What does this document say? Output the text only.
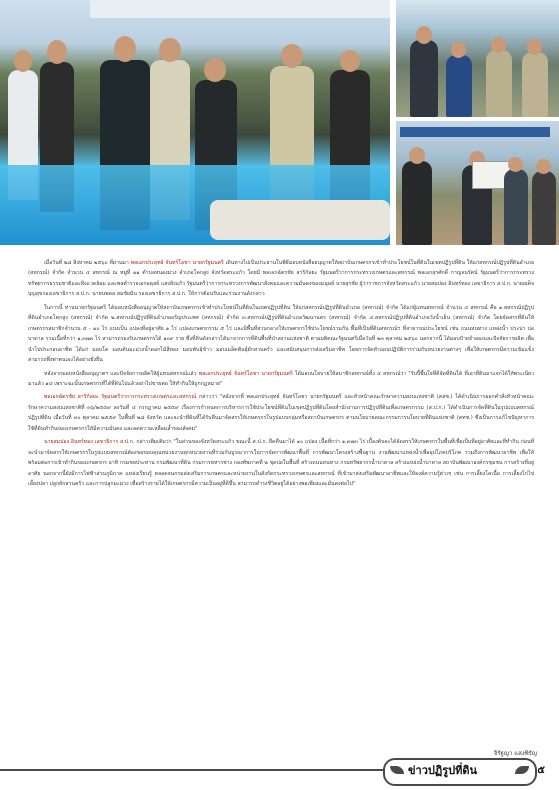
เมื่อวันที่ ๒๘ สิงหาคม ๒๕๖๐ ที่ผ่านมา พลเอกประยุทธ์ จันทร์โอชา นายกรัฐมนตรี เดินทางไปเป็นประธานในพิธีมอบหนังสืออนุญาตให้สถาบันเกษตรกรเข้าทำประโยชน์ในที่ดินในเขตปฏิรูปที่ดิน ให้แก่สหกรณ์ปฏิรูปที่ดินอำเภอ (สหกรณ์) จำกัด จำนวน ๔ สหกรณ์ ณ หมู่ที่ ๑๑ ตำบลหนองม่วง อำเภอโคกสูง จังหวัดสระแก้ว โดยมี พลเอกฉัตรชัย สาริกัลยะ รัฐมนตรีว่าการกระทรวงเกษตรและสหกรณ์ พลเอกสุรศักดิ์ กาญจนรัตน์ รัฐมนตรีว่าการกระทรวงทรัพยากรธรรมชาติและสิ่งแวดล้อม และพลตำรวจเอกอดุลย์ แสงสิงแก้ว รัฐมนตรีว่าการกระทรวงการพัฒนาสังคมและความมั่นคงของมนุษย์ นายสุรชัย ผู้ว่าราชการจังหวัดสระแก้ว นายสมปอง อินทร์ทอง เลขาธิการ ส.ป.ก. นายเผด็จ บุญสุขรองเลขาธิการ ส.ป.ก. นายนพดล สมชัยมิน รองเลขาธิการ ส.ป.ก. ให้การต้อนรับและร่วมงานดังกล่าว

ในการนี้ ท่านนายกรัฐมนตรี ได้มอบหนังสืออนุญาตให้สถาบันเกษตรกรเข้าทำประโยชน์ในที่ดินในเขตปฏิรูปที่ดิน ให้แก่สหกรณ์ปฏิรูปที่ดินอำเภอ (สหกรณ์) จำกัด ได้แก่ผู้แทนสหกรณ์ จำนวน ๔ สหกรณ์ คือ ๑.สหกรณ์ปฏิรูปที่ดินอำเภอโคกสูง (สหกรณ์) จำกัด ๒.สหกรณ์ปฏิรูปที่ดินอำเภออรัญประเทศ (สหกรณ์) จำกัด ๓.สหกรณ์ปฏิรูปที่ดินอำเภอวัฒนานคร (สหกรณ์) จำกัด ๔.สหกรณ์ปฏิรูปที่ดินอำเภอวังน้ำเย็น (สหกรณ์) จำกัด โดยจัดสรรที่ดินให้เกษตรกรสมาชิกจำนวน ๕ - ๑๐ ไร่ แบ่งเป็น แปลงที่อยู่อาศัย ๑ ไร่ แปลงเกษตรกรรม ๕ ไร่ และมีพื้นที่ส่วนกลางให้เกษตรกรใช้ประโยชน์ร่วมกัน พื้นที่เป็นที่ดินสหกรณ์ฯ ที่สาธารณประโยชน์ เช่น ถนนหนทาง แหล่งน้ำ ประปา บ่อบาดาล รวมเนื้อที่กว่า ๑,๓๗๓ ไร่ สามารถรองรับเกษตรกรได้ ๑๐๙ ราย ซึ่งที่ดินดังกล่าวได้มาจากการที่ดินพื้นที่ป่าสงวนแห่งชาติ ตามมติคณะรัฐมนตรีเมื่อวันที่ ๒๓ ตุลาคม ๒๕๖๐ นอกจากนี้ ได้มอบป้ายจำลองและปัจจัยการผลิต เพื่อนำไปประกอบอาชีพ ได้แก่ มอบโค มอบต้นมะม่วงน้ำดอกไม้สีทอง มอบพันธุ์ข้าว มอบเมล็ดพันธุ์ผักสวนครัว และสนับสนุนการส่งเสริมอาชีพ โดยการจัดทำแผนปฏิบัติการร่วมกับหน่วยงานต่างๆ เพื่อให้เกษตรกรมีความเข้มแข็ง สามารถพึ่งพาตนเองได้อย่างยั่งยืน

หลังจากมอบหนังสืออนุญาตฯ และปัจจัยการผลิตให้ผู้แทนสหกรณ์แล้ว พลเอกประยุทธ์ จันทร์โอชา นายกรัฐมนตรี ได้มอบนโยบายให้สมาชิกสหกรณ์ทั้ง ๔ สหกรณ์ว่า "รับปี้พื้นใจที่ดีจัดที่ดินได้ ที่เอาที่ดินมาแจกได้ให้พระเนียวมาแล้ว ๑๔ เพราะฉะนั้นเกษตรกรที่ได้ที่ดินไปแล้วอย่าไปขายต่อ ให้ทำกินให้ถูกกฎหมาย"

พลเอกฉัตรชัย สาริกัลยะ รัฐมนตรีว่าการกระทรวงเกษตรและสหกรณ์ กล่าวว่า "หลังจากที่ พลเอกประยุทธ์ จันทร์โอชา นายกรัฐมนตรี และหัวหน้าคณะรักษาความสงบแห่งชาติ (คสช.) ได้ดำเนินการออกคำสั่งหัวหน้าคณะรักษาความสงบแห่งชาติที่ ๓๖/๒๕๕๙ ลงวันที่ ๔ กรกฎาคม ๒๕๕๙ เรื่องการกำหนดการบริหารการใช้ประโยชน์ที่ดินในเขตปฏิรูปที่ดินโดยสำนักงานการปฏิรูปที่ดินเพื่อเกษตรกรรม (ส.ป.ก.) ได้ดำเนินการจัดที่ดินในรูปแบบสหกรณ์ปฏิรูปที่ดิน เมื่อวันที่ ๓๐ ตุลาคม ๒๕๕๙ ในพื้นที่ ๒๘ จังหวัด และจะนำที่ดินที่ได้รับคืนมาจัดสรรให้เกษตรกรในรูปแบบกลุ่มหรือสถาบันเกษตรกร ตามนโยบายคณะกรรมการนโยบายที่ดินแห่งชาติ (คทช.) ซึ่งเป็นการแก้ไขปัญหาการใช้ที่ดินทำกินของเกษตรกรให้มีความมั่นคง และลดความเหลื่อมล้ำของสังคม"

นายสมปอง อินทร์ทอง เลขาธิการ ส.ป.ก. กล่าวเพิ่มเติมว่า "ในส่วนของจังหวัดสระแก้ว ขณะนี้ ส.ป.ก. ยึดคืนมาได้ ๑๐ แปลง เนื้อที่กว่า ๑,๓๗๓ ไร่ เบื้องต้นจะได้จัดสรรให้เกษตรกรในพื้นที่เพื่อเป็นที่อยู่อาศัยและที่ทำกิน ก่อนที่จะนำมาจัดสรรให้เกษตรกรในรูปแบบสหกรณ์ต้องขอขอบคุณหน่วยงานทุกหน่วยงานที่ร่วมกันบูรณาการในการจัดการพัฒนาพื้นที่ การพัฒนาโครงสร้างพื้นฐาน งานพัฒนาแหล่งน้ำเพื่ออุปโภคบริโภค รวมถึงการพัฒนาอาชีพ เพื่อให้พร้อมต่อการเข้าทำกินของเกษตรกร อาทิ กรมชลประทาน กรมพัฒนาที่ดิน กรมการทหารช่าง กองทัพภาคที่ ๒ ขุดบ่อในพื้นที่ สร้างถนนหนทาง กรมทรัพยากรน้ำบาดาล สร้างแหล่งน้ำบาดาล สถาบันพัฒนาองค์กรชุมชน การสร้างที่อยู่อาศัย นอกจากนี้ยังมีการไฟฟ้าส่วนภูมิภาค แหล่งเรียนรู้ ตลอดจนกรมส่งเสริมการเกษตรและหน่วยงานในสังกัดกระทรวงเกษตรและสหกรณ์ ที่เข้ามาส่งเสริมพัฒนาอาชีพและให้องค์ความรู้ต่างๆ เช่น การเลี้ยงโคเนื้อ การเลี้ยงไก่ไข่ เลี้ยงปลา ปลูกผักสวนครัว และการปลูกมะม่วง เพื่อสร้างรายได้ให้เกษตรกรมีความเป็นอยู่ที่ดีขึ้น สามารถดำรงชีวิตอยู่ได้อย่างพอเพียงและมั่นคงต่อไป"

จิรัฐญา แสงพิรัญ
ข่าวปฏิรูปที่ดิน	๕
